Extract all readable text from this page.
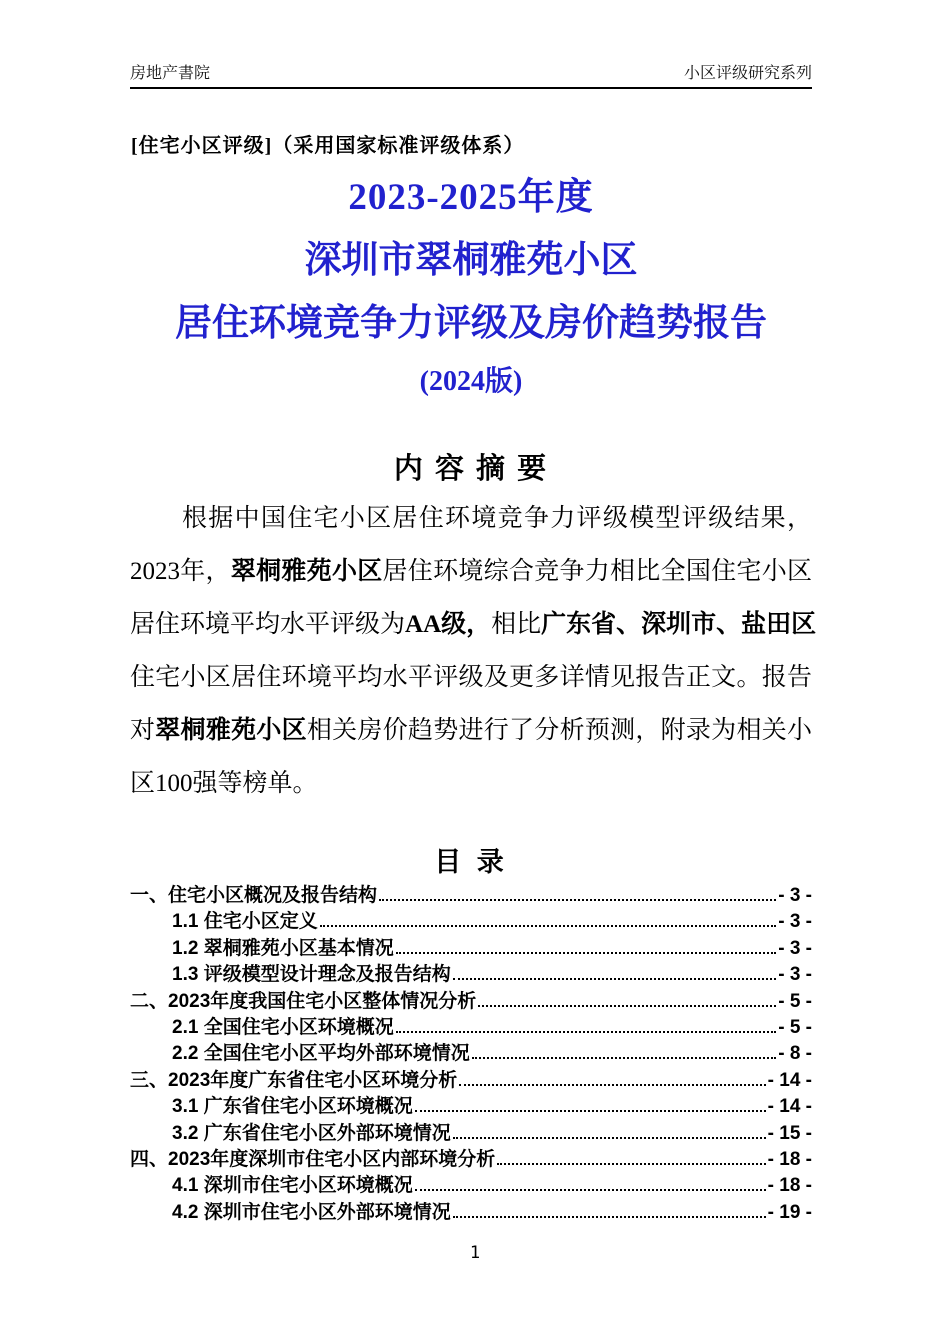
房地产書院	小区评级研究系列
[住宅小区评级]（采用国家标准评级体系）
2023-2025年度
深圳市翠桐雅苑小区
居住环境竞争力评级及房价趋势报告
(2024版)
内 容 摘 要
根据中国住宅小区居住环境竞争力评级模型评级结果，
2023年，翠桐雅苑小区居住环境综合竞争力相比全国住宅小区
居住环境平均水平评级为AA级，相比广东省、深圳市、盐田区
住宅小区居住环境平均水平评级及更多详情见报告正文。报告
对翠桐雅苑小区相关房价趋势进行了分析预测，附录为相关小
区100强等榜单。
目 录
一、住宅小区概况及报告结构	- 3 -
1.1 住宅小区定义	- 3 -
1.2 翠桐雅苑小区基本情况	- 3 -
1.3 评级模型设计理念及报告结构	- 3 -
二、2023年度我国住宅小区整体情况分析	- 5 -
2.1 全国住宅小区环境概况	- 5 -
2.2 全国住宅小区平均外部环境情况	- 8 -
三、2023年度广东省住宅小区环境分析	- 14 -
3.1 广东省住宅小区环境概况	- 14 -
3.2 广东省住宅小区外部环境情况	- 15 -
四、2023年度深圳市住宅小区内部环境分析	- 18 -
4.1 深圳市住宅小区环境概况	- 18 -
4.2 深圳市住宅小区外部环境情况	- 19 -
1
